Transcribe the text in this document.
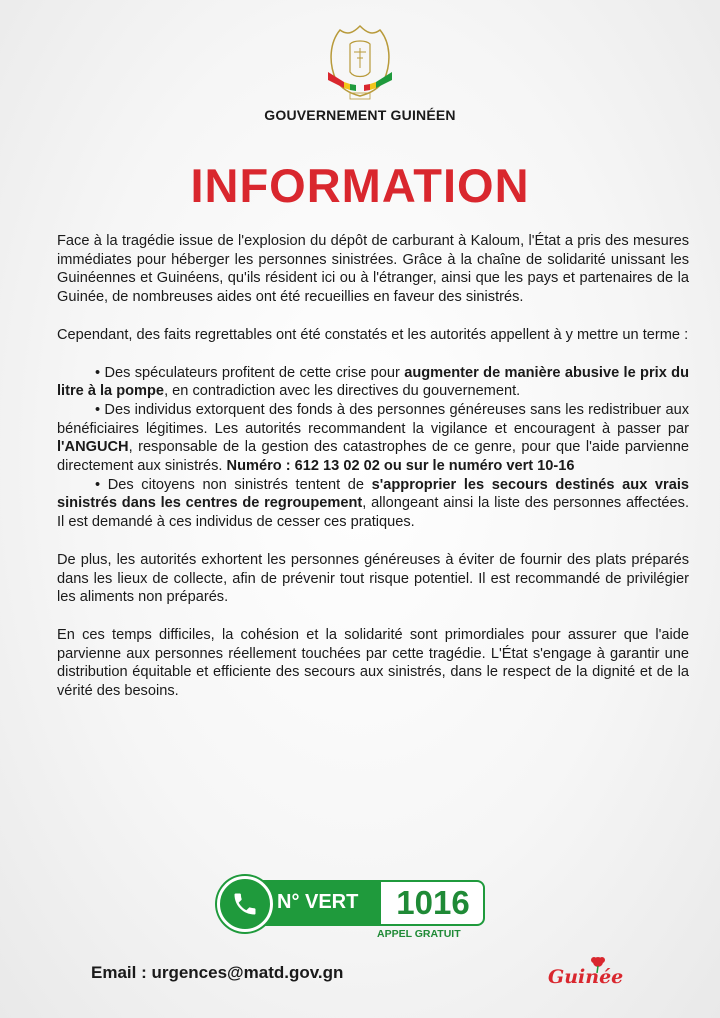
GOUVERNEMENT GUINÉEN
INFORMATION

Face à la tragédie issue de l'explosion du dépôt de carburant à Kaloum, l'État a pris des mesures immédiates pour héberger les personnes sinistrées. Grâce à la chaîne de solidarité unissant les Guinéennes et Guinéens, qu'ils résident ici ou à l'étranger, ainsi que les pays et partenaires de la Guinée, de nombreuses aides ont été recueillies en faveur des sinistrés.

Cependant, des faits regrettables ont été constatés et les autorités appellent à y mettre un terme :

• Des spéculateurs profitent de cette crise pour augmenter de manière abusive le prix du litre à la pompe, en contradiction avec les directives du gouvernement.

• Des individus extorquent des fonds à des personnes généreuses sans les redistribuer aux bénéficiaires légitimes. Les autorités recommandent la vigilance et encouragent à passer par l'ANGUCH, responsable de la gestion des catastrophes de ce genre, pour que l'aide parvienne directement aux sinistrés. Numéro : 612 13 02 02 ou sur le numéro vert 10-16

• Des citoyens non sinistrés tentent de s'approprier les secours destinés aux vrais sinistrés dans les centres de regroupement, allongeant ainsi la liste des personnes affectées. Il est demandé à ces individus de cesser ces pratiques.

De plus, les autorités exhortent les personnes généreuses à éviter de fournir des plats préparés dans les lieux de collecte, afin de prévenir tout risque potentiel. Il est recommandé de privilégier les aliments non préparés.

En ces temps difficiles, la cohésion et la solidarité sont primordiales pour assurer que l'aide parvienne aux personnes réellement touchées par cette tragédie. L'État s'engage à garantir une distribution équitable et efficiente des secours aux sinistrés, dans le respect de la dignité et de la vérité des besoins.

N° VERT	1016
APPEL GRATUIT
Email : urgences@matd.gov.gn	Guinée
